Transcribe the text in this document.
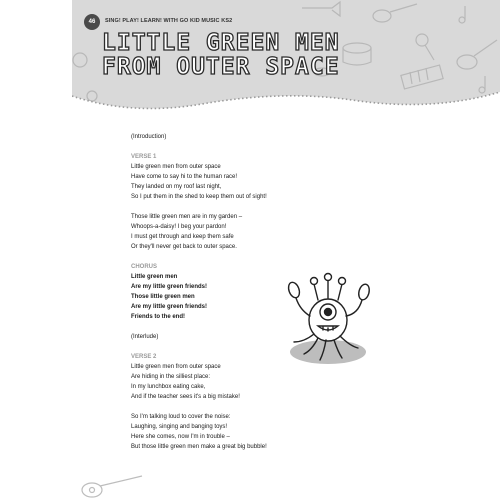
46	SING! PLAY! LEARN! WITH GO KID MUSIC KS2
LITTLE GREEN MEN
FROM OUTER SPACE

(Introduction)

VERSE 1

Little green men from outer space

Have come to say hi to the human race!

They landed on my roof last night,

So I put them in the shed to keep them out of sight!

Those little green men are in my garden –

Whoops-a-daisy! I beg your pardon!

I must get through and keep them safe

Or they'll never get back to outer space.

CHORUS

Little green men

Are my little green friends!

Those little green men

Are my little green friends!

Friends to the end!

(Interlude)

VERSE 2

Little green men from outer space

Are hiding in the silliest place:

In my lunchbox eating cake,

And if the teacher sees it's a big mistake!

So I'm talking loud to cover the noise:

Laughing, singing and banging toys!

Here she comes, now I'm in trouble –

But those little green men make a great big bubble!
